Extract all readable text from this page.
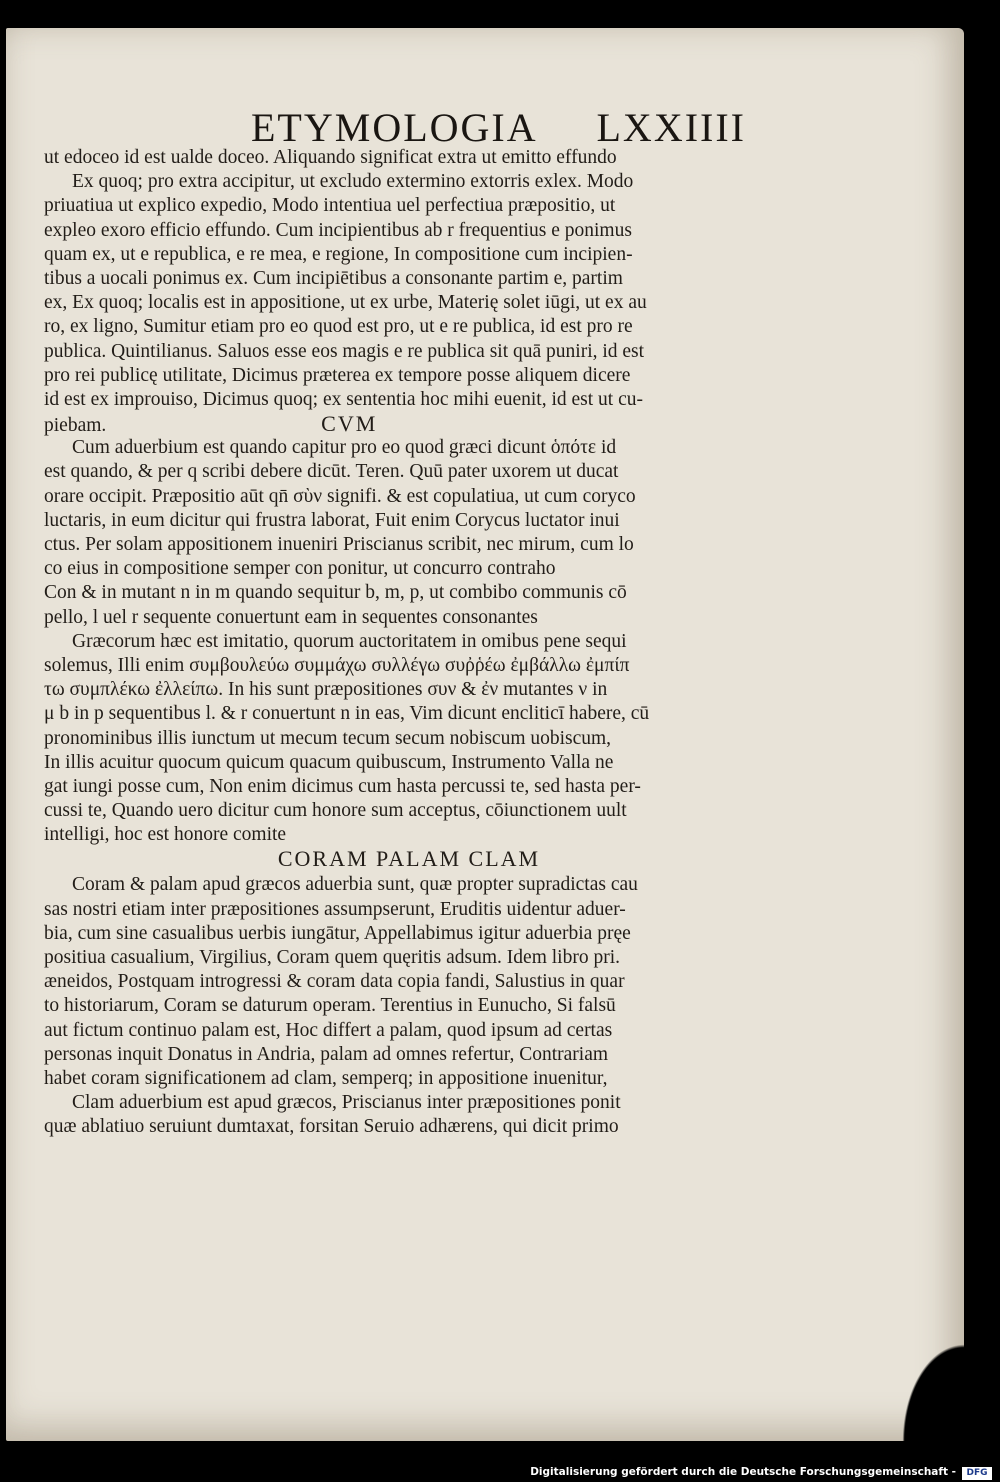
ETYMOLOGIA LXXIIII
ut edoceo id est ualde doceo. Aliquando significat extra ut emitto effundo
Ex quoq; pro extra accipitur, ut excludo extermino extorris exlex. Modo
priuatiua ut explico expedio, Modo intentiua uel perfectiua præpositio, ut
expleo exoro efficio effundo. Cum incipientibus ab r frequentius e ponimus
quam ex, ut e republica, e re mea, e regione, In compositione cum incipien-
tibus a uocali ponimus ex. Cum incipiētibus a consonante partim e, partim
ex, Ex quoq; localis est in appositione, ut ex urbe, Materię solet iūgi, ut ex au
ro, ex ligno, Sumitur etiam pro eo quod est pro, ut e re publica, id est pro re
publica. Quintilianus. Saluos esse eos magis e re publica sit quā puniri, id est
pro rei publicę utilitate, Dicimus præterea ex tempore posse aliquem dicere
id est ex improuiso, Dicimus quoq; ex sententia hoc mihi euenit, id est ut cu-
piebam.	CVM
Cum aduerbium est quando capitur pro eo quod græci dicunt ὁπότε id
est quando, & per q scribi debere dicūt. Teren. Quū pater uxorem ut ducat
orare occipit. Præpositio aūt qn̄ σὺν signifi. & est copulatiua, ut cum coryco
luctaris, in eum dicitur qui frustra laborat, Fuit enim Corycus luctator inui
ctus. Per solam appositionem inueniri Priscianus scribit, nec mirum, cum lo
co eius in compositione semper con ponitur, ut concurro contraho
Con & in mutant n in m quando sequitur b, m, p, ut combibo communis cō
pello, l uel r sequente conuertunt eam in sequentes consonantes
Græcorum hæc est imitatio, quorum auctoritatem in omibus pene sequi
solemus, Illi enim συμβουλεύω συμμάχω συλλέγω συῤῥέω ἐμβάλλω ἐμπίπ
τω συμπλέκω ἐλλείπω. In his sunt præpositiones συν & ἐν mutantes ν in
μ b in p sequentibus l. & r conuertunt n in eas, Vim dicunt encliticī habere, cū
pronominibus illis iunctum ut mecum tecum secum nobiscum uobiscum,
In illis acuitur quocum quicum quacum quibuscum, Instrumento Valla ne
gat iungi posse cum, Non enim dicimus cum hasta percussi te, sed hasta per-
cussi te, Quando uero dicitur cum honore sum acceptus, cōiunctionem uult
intelligi, hoc est honore comite
CORAM PALAM CLAM
Coram & palam apud græcos aduerbia sunt, quæ propter supradictas cau
sas nostri etiam inter præpositiones assumpserunt, Eruditis uidentur aduer-
bia, cum sine casualibus uerbis iungātur, Appellabimus igitur aduerbia pręe
positiua casualium, Virgilius, Coram quem quęritis adsum. Idem libro pri.
æneidos, Postquam introgressi & coram data copia fandi, Salustius in quar
to historiarum, Coram se daturum operam. Terentius in Eunucho, Si falsū
aut fictum continuo palam est, Hoc differt a palam, quod ipsum ad certas
personas inquit Donatus in Andria, palam ad omnes refertur, Contrariam
habet coram significationem ad clam, semperq; in appositione inuenitur,
Clam aduerbium est apud græcos, Priscianus inter præpositiones ponit
quæ ablatiuo seruiunt dumtaxat, forsitan Seruio adhærens, qui dicit primo
Digitalisierung gefördert durch die Deutsche Forschungsgemeinschaft -	DFG
